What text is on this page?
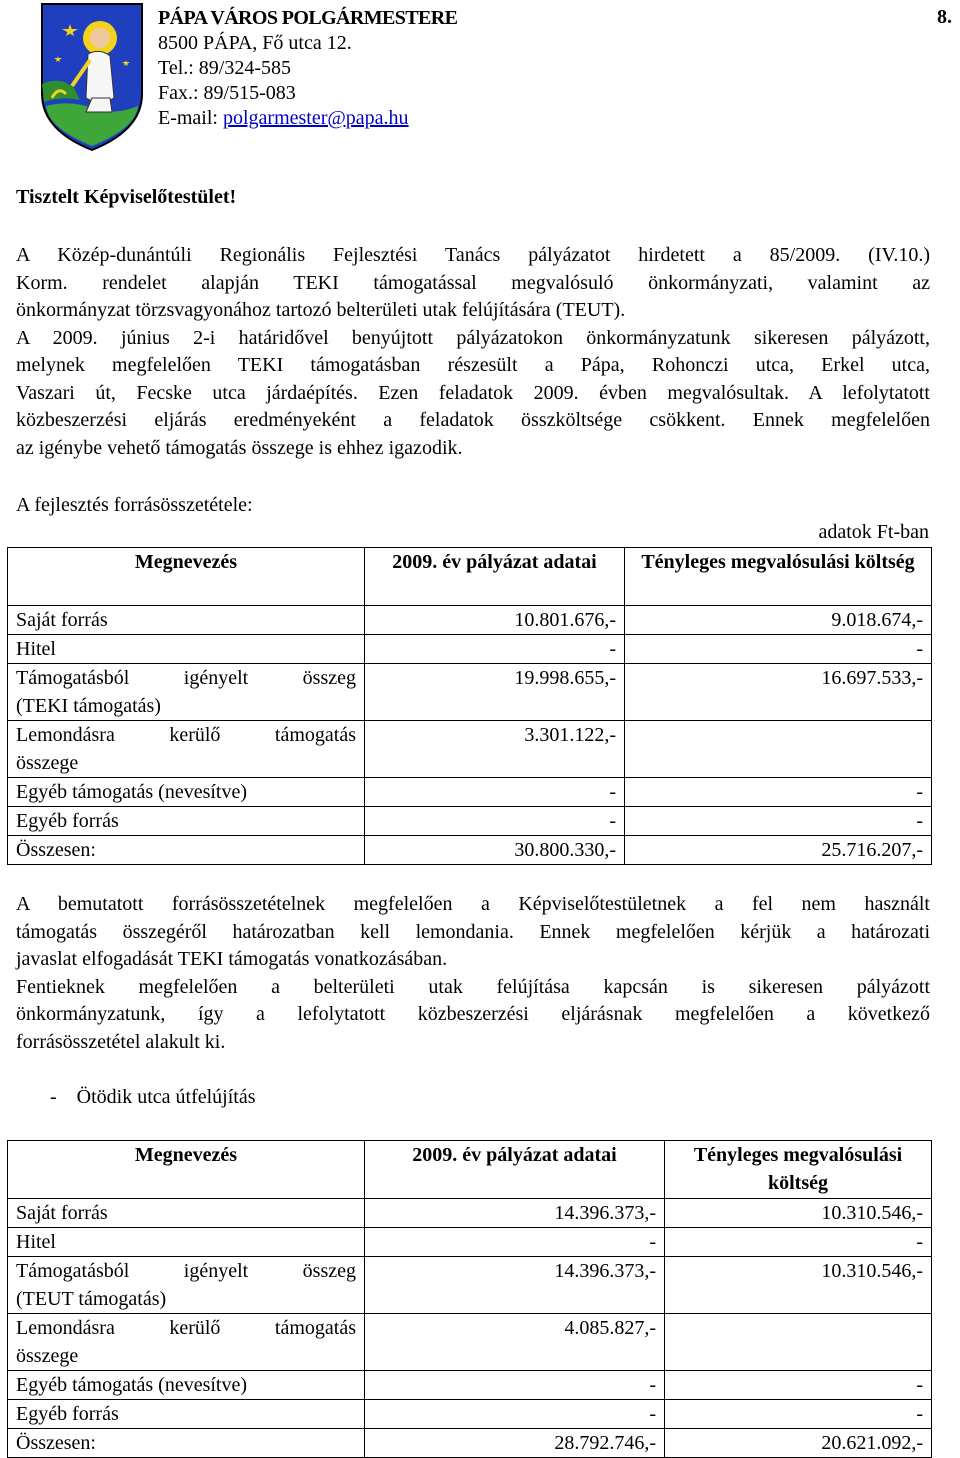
PÁPA VÁROS POLGÁRMESTERE
8500 PÁPA, Fő utca 12.
Tel.: 89/324-585
Fax.: 89/515-083
E-mail: polgarmester@papa.hu
8.
Tisztelt Képviselőtestület!
A Közép-dunántúli Regionális Fejlesztési Tanács pályázatot hirdetett a 85/2009. (IV.10.)
Korm. rendelet alapján TEKI támogatással megvalósuló önkormányzati, valamint az
önkormányzat törzsvagyonához tartozó belterületi utak felújítására (TEUT).
A 2009. június 2-i határidővel benyújtott pályázatokon önkormányzatunk sikeresen pályázott,
melynek megfelelően TEKI támogatásban részesült a Pápa, Rohonczi utca, Erkel utca,
Vaszari út, Fecske utca járdaépítés. Ezen feladatok 2009. évben megvalósultak. A lefolytatott
közbeszerzési eljárás eredményeként a feladatok összköltsége csökkent. Ennek megfelelően
az igénybe vehető támogatás összege is ehhez igazodik.
A fejlesztés forrásösszetétele:
adatok Ft-ban
Megnevezés	2009. év pályázat adatai	Tényleges megvalósulási költség
Saját forrás	10.801.676,-	9.018.674,-
Hitel	-	-

Támogatásból igényelt összeg
(TEKI támogatás)	19.998.655,-	16.697.533,-

Lemondásra kerülő támogatás
összege	3.301.122,-	
Egyéb támogatás (nevesítve)	-	-
Egyéb forrás	-	-
Összesen:	30.800.330,-	25.716.207,-
A bemutatott forrásösszetételnek megfelelően a Képviselőtestületnek a fel nem használt
támogatás összegéről határozatban kell lemondania. Ennek megfelelően kérjük a határozati
javaslat elfogadását TEKI támogatás vonatkozásában.
Fentieknek megfelelően a belterületi utak felújítása kapcsán is sikeresen pályázott
önkormányzatunk, így a lefolytatott közbeszerzési eljárásnak megfelelően a következő
forrásösszetétel alakult ki.
-    Ötödik utca útfelújítás
Megnevezés	2009. év pályázat adatai	Tényleges megvalósulási költség
Saját forrás	14.396.373,-	10.310.546,-
Hitel	-	-

Támogatásból igényelt összeg
(TEUT támogatás)	14.396.373,-	10.310.546,-

Lemondásra kerülő támogatás
összege	4.085.827,-	
Egyéb támogatás (nevesítve)	-	-
Egyéb forrás	-	-
Összesen:	28.792.746,-	20.621.092,-
